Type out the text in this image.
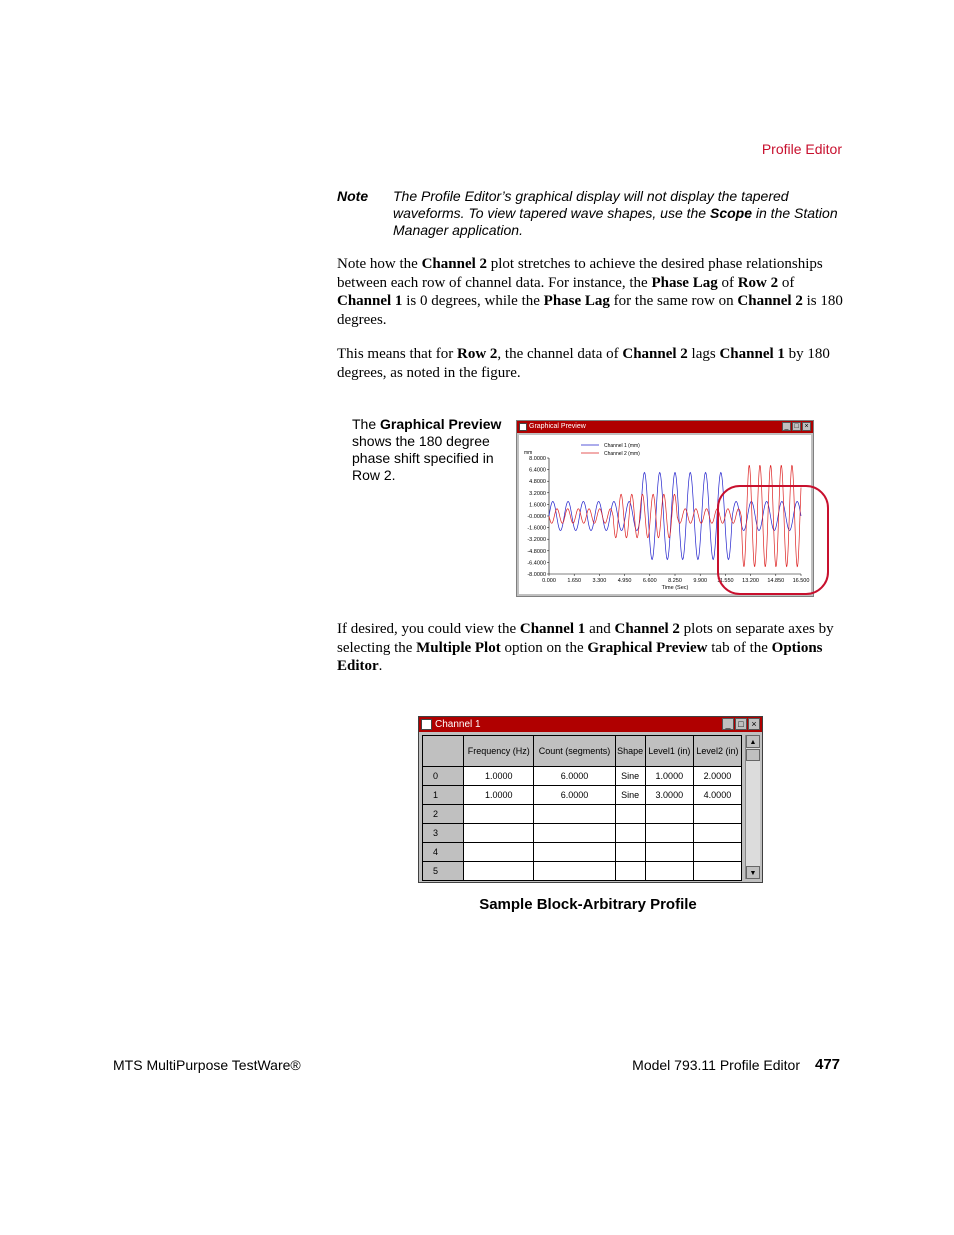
Profile Editor
Note The Profile Editor’s graphical display will not display the tapered waveforms. To view tapered wave shapes, use the Scope in the Station Manager application.
Note how the Channel 2 plot stretches to achieve the desired phase relationships between each row of channel data. For instance, the Phase Lag of Row 2 of Channel 1 is 0 degrees, while the Phase Lag for the same row on Channel 2 is 180 degrees.
This means that for Row 2, the channel data of Channel 2 lags Channel 1 by 180 degrees, as noted in the figure.
The Graphical Preview shows the 180 degree phase shift specified in Row 2.
Graphical Preview	_ □ ×
8.0000
6.4000
4.8000
3.2000
1.6000
-0.0000
-1.6000
-3.2000
-4.8000
-6.4000
-8.0000
0.000 1.650 3.300 4.950 6.600 8.250 9.900 11.550 13.200 14.850 16.500
mm
Time (Sec)
Channel 1 (mm)
Channel 2 (mm)
If desired, you could view the Channel 1 and Channel 2 plots on separate axes by selecting the Multiple Plot option on the Graphical Preview tab of the Options Editor.
Channel 1	_ □ ×
	Frequency (Hz)	Count (segments)	Shape	Level1 (in)	Level2 (in)
0	1.0000	6.0000	Sine	1.0000	2.0000
1	1.0000	6.0000	Sine	3.0000	4.0000
2					
3					
4					
5					
▲
▼
Sample Block-Arbitrary Profile
MTS MultiPurpose TestWare®	Model 793.11 Profile Editor 477
